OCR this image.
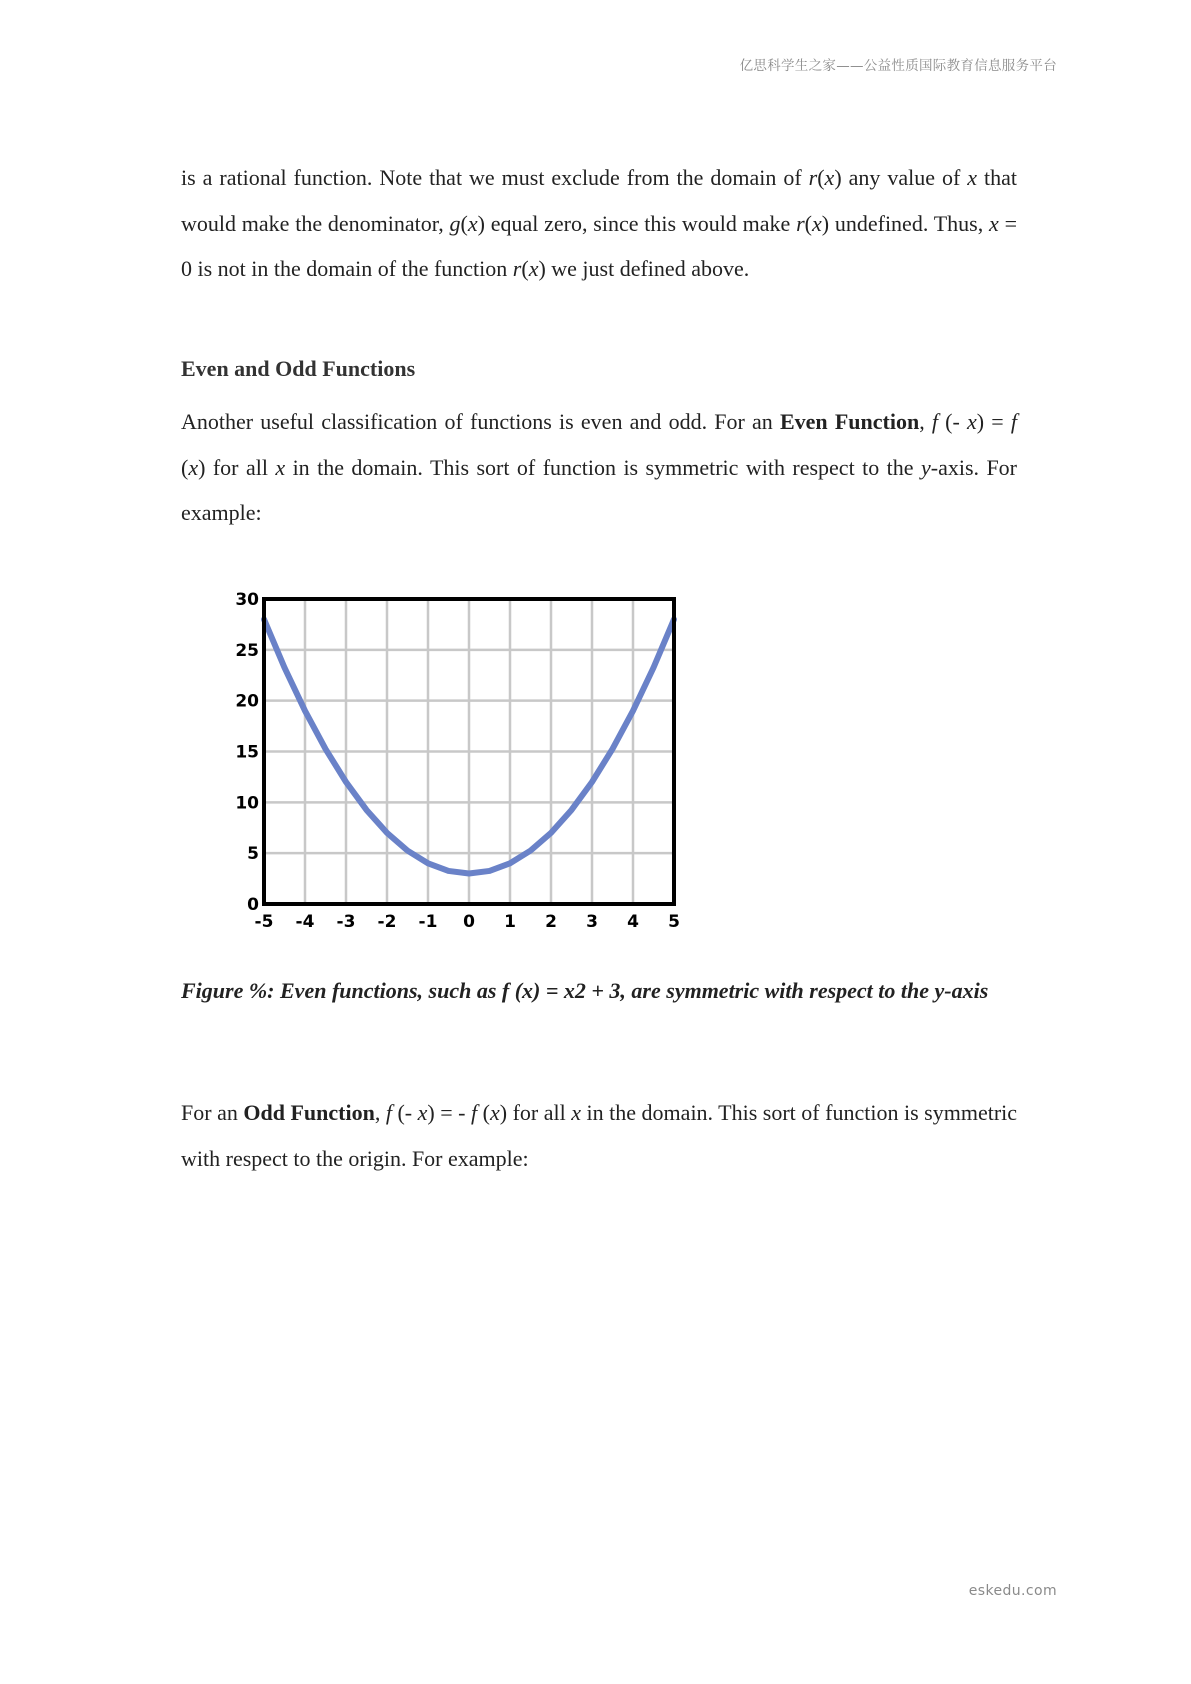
亿思科学生之家——公益性质国际教育信息服务平台

is a rational function. Note that we must exclude from the domain of r(x) any value of x that would make the denominator, g(x) equal zero, since this would make r(x) undefined. Thus, x = 0 is not in the domain of the function r(x) we just defined above.

Even and Odd Functions

Another useful classification of functions is even and odd. For an Even Function, f (- x) = f (x) for all x in the domain. This sort of function is symmetric with respect to the y-axis. For example:

Figure %: Even functions, such as f (x) = x2 + 3, are symmetric with respect to the y-axis

For an Odd Function, f (- x) = - f (x) for all x in the domain. This sort of function is symmetric with respect to the origin. For example:

-5 -4 -3 -2 -1 0 1 2 3 4 5
0
5
10
15
20
25
30
eskedu.com
